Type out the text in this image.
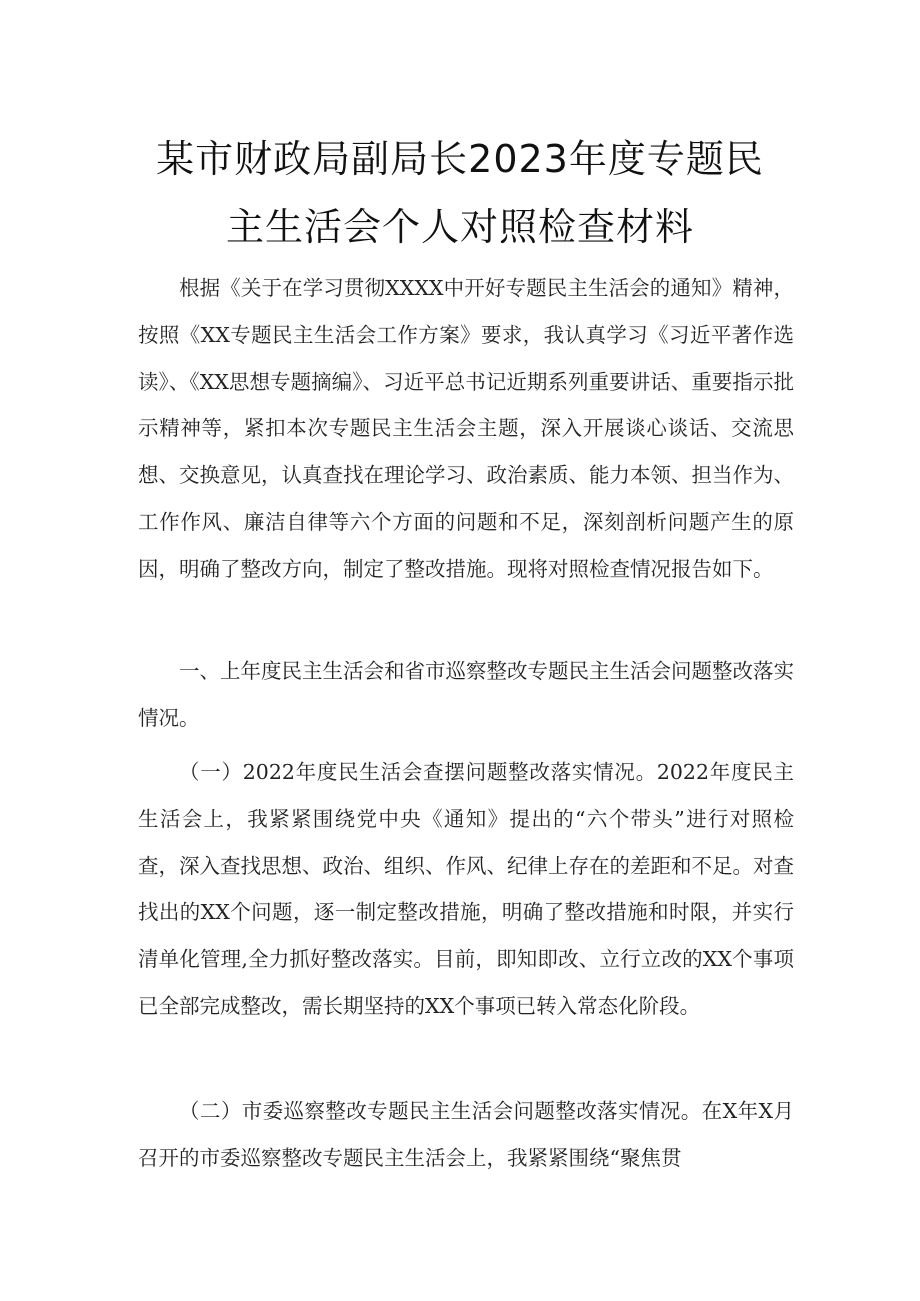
某市财政局副局长2023年度专题民
主生活会个人对照检查材料

根据《关于在学习贯彻XXXX中开好专题民主生活会的通知》精神，按照《XX专题民主生活会工作方案》要求，我认真学习《习近平著作选读》、《XX思想专题摘编》、习近平总书记近期系列重要讲话、重要指示批示精神等，紧扣本次专题民主生活会主题，深入开展谈心谈话、交流思想、交换意见，认真查找在理论学习、政治素质、能力本领、担当作为、工作作风、廉洁自律等六个方面的问题和不足，深刻剖析问题产生的原因，明确了整改方向，制定了整改措施。现将对照检查情况报告如下。

一、上年度民主生活会和省市巡察整改专题民主生活会问题整改落实情况。

（一）2022年度民生活会查摆问题整改落实情况。2022年度民主生活会上，我紧紧围绕党中央《通知》提出的“六个带头”进行对照检查，深入查找思想、政治、组织、作风、纪律上存在的差距和不足。对查找出的XX个问题，逐一制定整改措施，明确了整改措施和时限，并实行清单化管理,全力抓好整改落实。目前，即知即改、立行立改的XX个事项已全部完成整改，需长期坚持的XX个事项已转入常态化阶段。

（二）市委巡察整改专题民主生活会问题整改落实情况。在X年X月召开的市委巡察整改专题民主生活会上，我紧紧围绕“聚焦贯
